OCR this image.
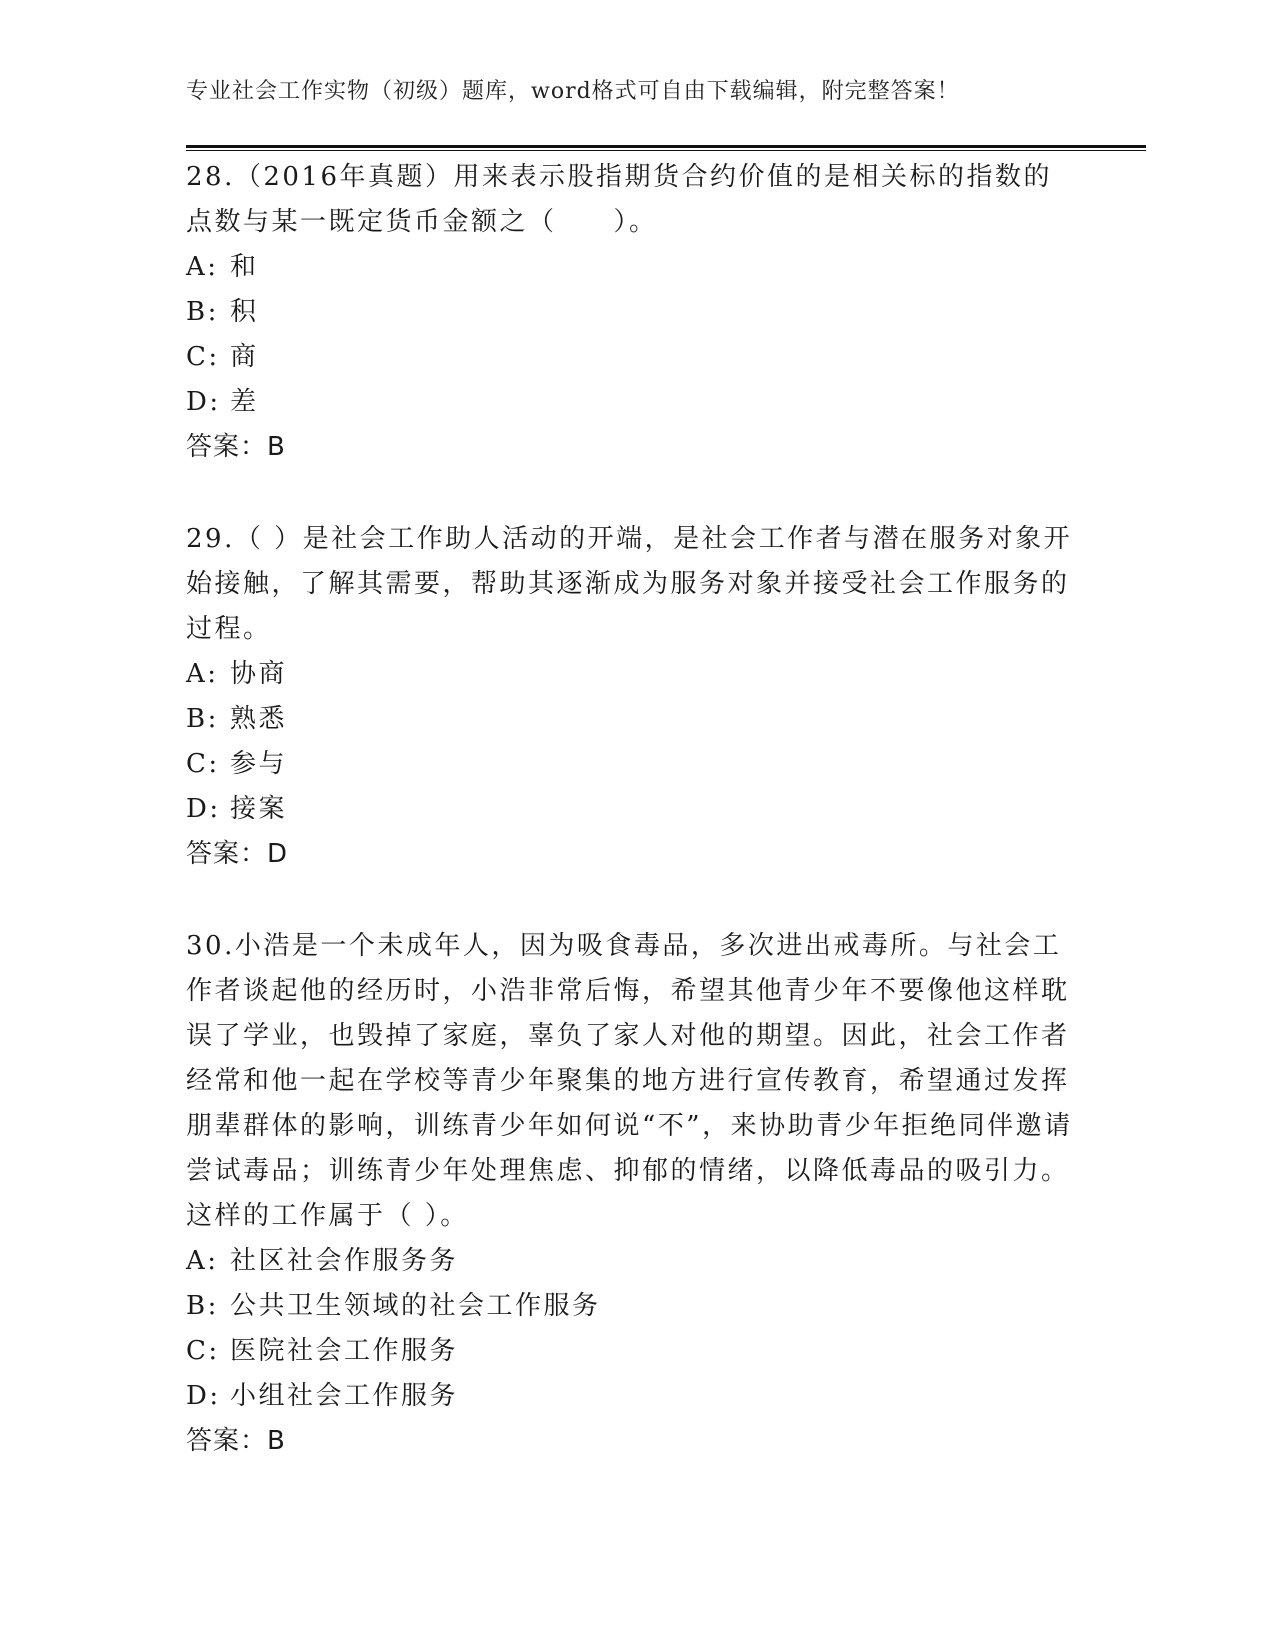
专业社会工作实物（初级）题库，word格式可自由下载编辑，附完整答案！

28.（2016年真题）用来表示股指期货合约价值的是相关标的指数的点数与某一既定货币金额之（　　）。

A: 和

B: 积

C: 商

D: 差

答案：B

29.（ ）是社会工作助人活动的开端，是社会工作者与潜在服务对象开始接触，了解其需要，帮助其逐渐成为服务对象并接受社会工作服务的过程。

A: 协商

B: 熟悉

C: 参与

D: 接案

答案：D

30.小浩是一个未成年人，因为吸食毒品，多次进出戒毒所。与社会工作者谈起他的经历时，小浩非常后悔，希望其他青少年不要像他这样耽误了学业，也毁掉了家庭，辜负了家人对他的期望。因此，社会工作者经常和他一起在学校等青少年聚集的地方进行宣传教育，希望通过发挥朋辈群体的影响，训练青少年如何说“不”，来协助青少年拒绝同伴邀请尝试毒品；训练青少年处理焦虑、抑郁的情绪，以降低毒品的吸引力。这样的工作属于（ ）。

A: 社区社会作服务务

B: 公共卫生领域的社会工作服务

C: 医院社会工作服务

D: 小组社会工作服务

答案：B
